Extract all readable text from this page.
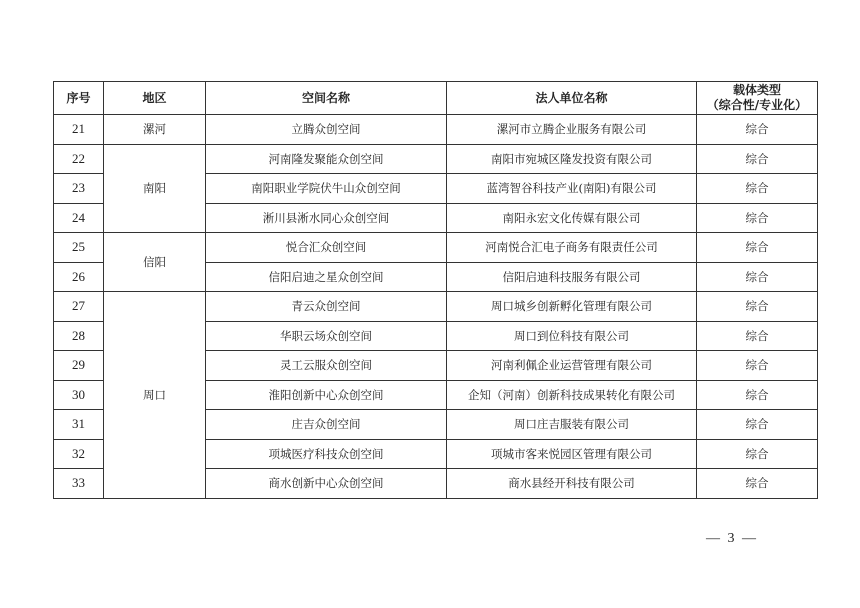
序号	地区	空间名称	法人单位名称	载体类型
（综合性/专业化）
21	漯河	立腾众创空间	漯河市立腾企业服务有限公司	综合
22	南阳	河南隆发聚能众创空间	南阳市宛城区隆发投资有限公司	综合
23		南阳职业学院伏牛山众创空间	蓝湾智谷科技产业(南阳)有限公司	综合
24		淅川县淅水同心众创空间	南阳永宏文化传媒有限公司	综合
25	信阳	悦合汇众创空间	河南悦合汇电子商务有限责任公司	综合
26		信阳启迪之星众创空间	信阳启迪科技服务有限公司	综合
27	周口	青云众创空间	周口城乡创新孵化管理有限公司	综合
28		华职云场众创空间	周口到位科技有限公司	综合
29		灵工云服众创空间	河南利佩企业运营管理有限公司	综合
30		淮阳创新中心众创空间	企知（河南）创新科技成果转化有限公司	综合
31		庄吉众创空间	周口庄吉服装有限公司	综合
32		项城医疗科技众创空间	项城市客来悦园区管理有限公司	综合
33		商水创新中心众创空间	商水县经开科技有限公司	综合
— 3 —
